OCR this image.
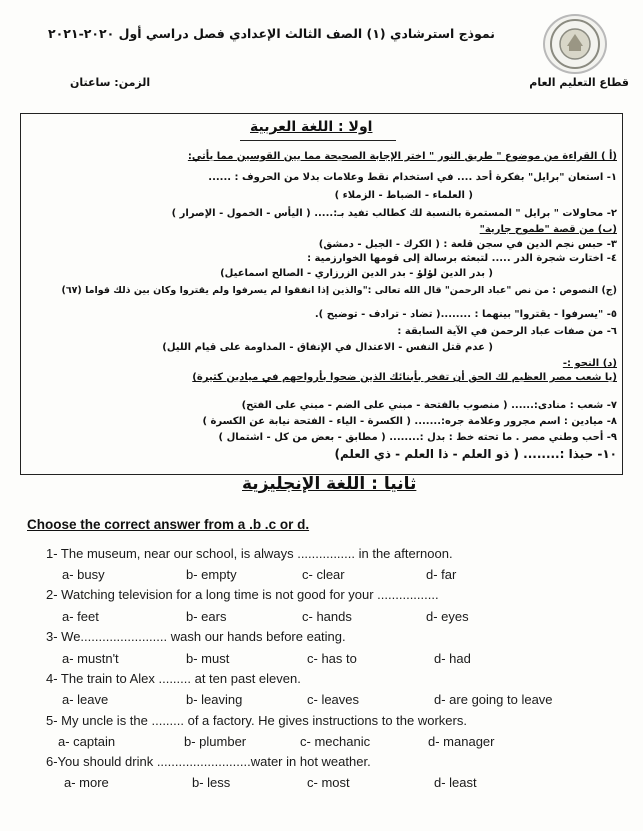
نموذج استرشادي (١) الصف الثالث الإعدادي فصل دراسي أول ٢٠٢٠-٢٠٢١
قطاع التعليم العام
الزمن: ساعتان
اولا : اللغة العربية
(أ ) القراءة من موضوع " طريق النور " اختر الإجابة الصحيحة مما بين القوسين مما يأتي:
١- استعان "برايل" بفكرة أحد .... في استخدام نقط وعلامات بدلا من الحروف : ......
( العلماء - الضباط - الزملاء )
٢- محاولات " برايل " المستمرة بالنسبة لك كطالب تفيد بـ:..... ( اليأس - الخمول - الإصرار )
(ب) من قصة "طموح جارية"
٣- حبس نجم الدين في سجن قلعة : ( الكرك - الجبل - دمشق)
٤- اختارت شجرة الدر ..... لتبعثه برسالة إلى قومها الخوارزمية :
( بدر الدين لؤلؤ - بدر الدين الزرزاري - الصالح اسماعيل)
(ج) النصوص : من نص "عباد الرحمن" قال الله تعالى :"والذين إذا انفقوا لم يسرفوا ولم يقتروا وكان بين ذلك قواما (٦٧)
٥- "يسرفوا - يقتروا" بينهما : ........( تضاد - ترادف - توضيح ).
٦- من صفات عباد الرحمن في الآية السابقة :
( عدم قتل النفس - الاعتدال في الإنفاق - المداومة على قيام الليل)
(د) النحو :-
(يا شعب مصر العظيم لك الحق أن تفخر بأبنائك الذين ضحوا بأرواحهم في ميادين كثيرة)
٧- شعب : منادى:...... ( منصوب بالفتحة - مبني على الضم - مبني على الفتح)
٨- ميادين : اسم مجرور وعلامة جره:....... ( الكسرة - الياء - الفتحة نيابة عن الكسرة )
٩- أحب وطني مصر . ما تحته خط : بدل :........ ( مطابق - بعض من كل - اشتمال )
١٠- حبذا :........ ( ذو العلم - ذا العلم - ذي العلم)
ثانيا : اللغة الإنجليزية
Choose the correct answer from a .b .c or d.
1- The museum, near our school, is always ................ in the afternoon.
a- busy	b- empty	c- clear	d- far
2- Watching television for a long time is not good for your .................
a- feet	b- ears	c- hands	d- eyes
3- We........................ wash our hands before eating.
a- mustn't	b- must	c- has to	d- had
4- The train to Alex ......... at ten past eleven.
a- leave	b- leaving	c- leaves	d- are going to leave
5- My uncle is the ......... of a factory. He gives instructions to the workers.
a- captain	b- plumber	c- mechanic	d- manager
6-You should drink ..........................water in hot weather.
a- more	b- less	c- most	d- least
